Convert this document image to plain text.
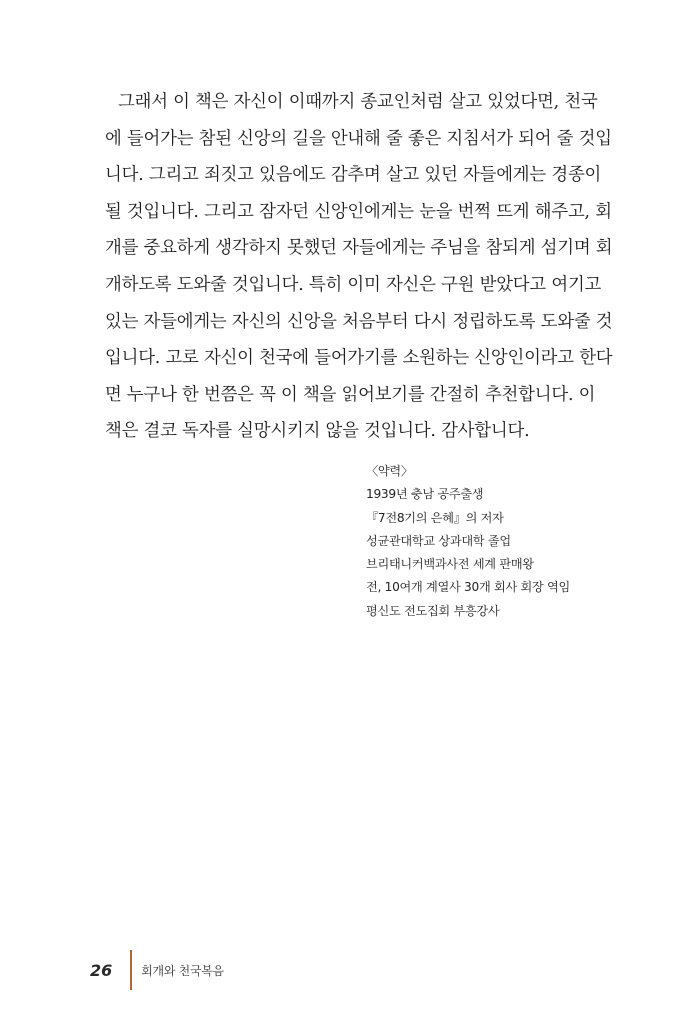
그래서 이 책은 자신이 이때까지 종교인처럼 살고 있었다면, 천국
에 들어가는 참된 신앙의 길을 안내해 줄 좋은 지침서가 되어 줄 것입
니다. 그리고 죄짓고 있음에도 감추며 살고 있던 자들에게는 경종이
될 것입니다. 그리고 잠자던 신앙인에게는 눈을 번쩍 뜨게 해주고, 회
개를 중요하게 생각하지 못했던 자들에게는 주님을 참되게 섬기며 회
개하도록 도와줄 것입니다. 특히 이미 자신은 구원 받았다고 여기고
있는 자들에게는 자신의 신앙을 처음부터 다시 정립하도록 도와줄 것
입니다. 고로 자신이 천국에 들어가기를 소원하는 신앙인이라고 한다
면 누구나 한 번쯤은 꼭 이 책을 읽어보기를 간절히 추천합니다. 이
책은 결코 독자를 실망시키지 않을 것입니다. 감사합니다.
〈약력〉
1939년 충남 공주출생
『7전8기의 은혜』의 저자
성균관대학교 상과대학 졸업
브리태니커백과사전 세계 판매왕
전, 10여개 계열사 30개 회사 회장 역임
평신도 전도집회 부흥강사
26 회개와 천국복음
